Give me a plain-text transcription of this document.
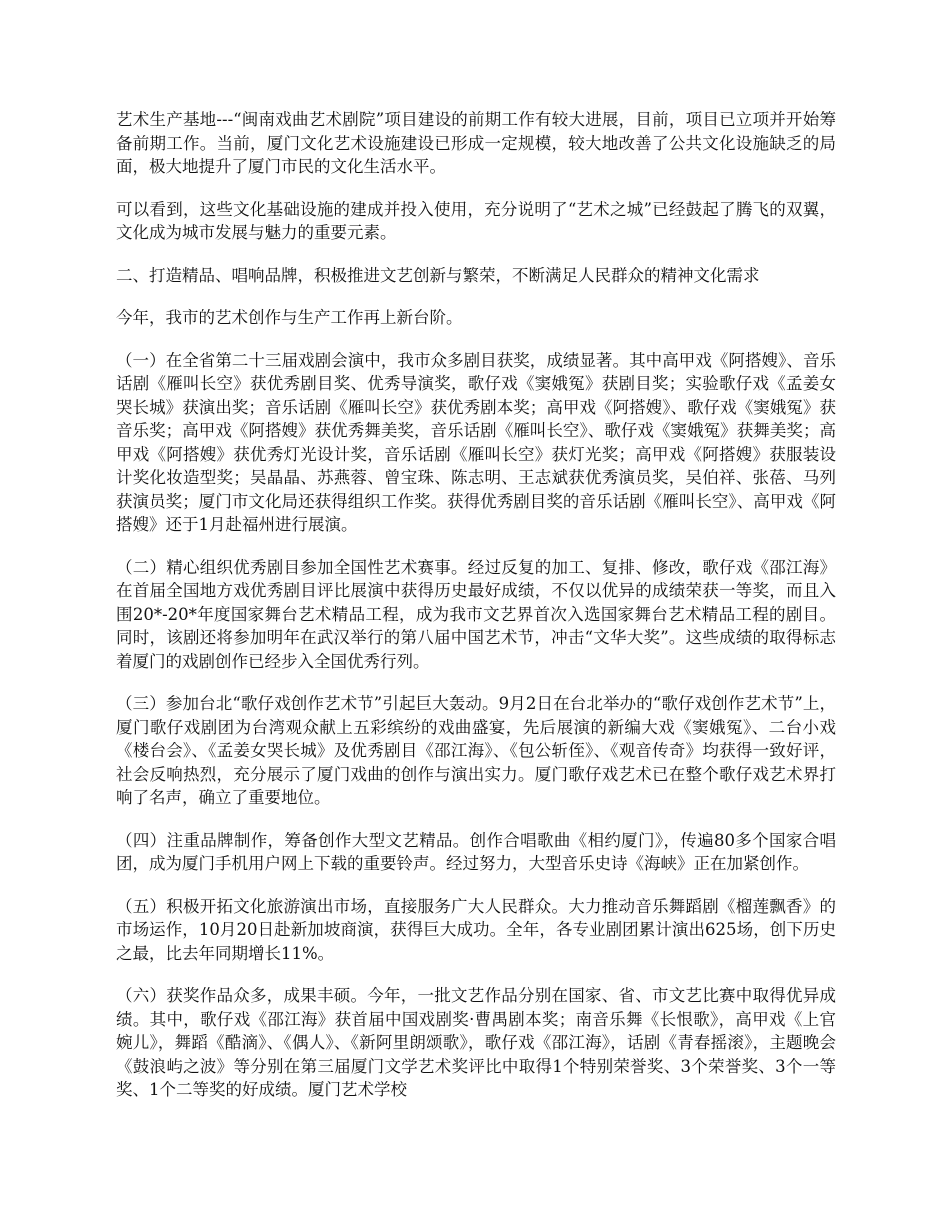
艺术生产基地---“闽南戏曲艺术剧院”项目建设的前期工作有较大进展，目前，项目已立项并开始筹备前期工作。当前，厦门文化艺术设施建设已形成一定规模，较大地改善了公共文化设施缺乏的局面，极大地提升了厦门市民的文化生活水平。

可以看到，这些文化基础设施的建成并投入使用，充分说明了“艺术之城”已经鼓起了腾飞的双翼，文化成为城市发展与魅力的重要元素。

二、打造精品、唱响品牌，积极推进文艺创新与繁荣，不断满足人民群众的精神文化需求

今年，我市的艺术创作与生产工作再上新台阶。

（一）在全省第二十三届戏剧会演中，我市众多剧目获奖，成绩显著。其中高甲戏《阿搭嫂》、音乐话剧《雁叫长空》获优秀剧目奖、优秀导演奖，歌仔戏《窦娥冤》获剧目奖；实验歌仔戏《孟姜女哭长城》获演出奖；音乐话剧《雁叫长空》获优秀剧本奖；高甲戏《阿搭嫂》、歌仔戏《窦娥冤》获音乐奖；高甲戏《阿搭嫂》获优秀舞美奖，音乐话剧《雁叫长空》、歌仔戏《窦娥冤》获舞美奖；高甲戏《阿搭嫂》获优秀灯光设计奖，音乐话剧《雁叫长空》获灯光奖；高甲戏《阿搭嫂》获服装设计奖化妆造型奖；吴晶晶、苏燕蓉、曾宝珠、陈志明、王志斌获优秀演员奖，吴伯祥、张蓓、马列获演员奖；厦门市文化局还获得组织工作奖。获得优秀剧目奖的音乐话剧《雁叫长空》、高甲戏《阿搭嫂》还于1月赴福州进行展演。

（二）精心组织优秀剧目参加全国性艺术赛事。经过反复的加工、复排、修改，歌仔戏《邵江海》在首届全国地方戏优秀剧目评比展演中获得历史最好成绩，不仅以优异的成绩荣获一等奖，而且入围20*-20*年度国家舞台艺术精品工程，成为我市文艺界首次入选国家舞台艺术精品工程的剧目。同时，该剧还将参加明年在武汉举行的第八届中国艺术节，冲击“文华大奖”。这些成绩的取得标志着厦门的戏剧创作已经步入全国优秀行列。

（三）参加台北“歌仔戏创作艺术节”引起巨大轰动。9月2日在台北举办的“歌仔戏创作艺术节”上，厦门歌仔戏剧团为台湾观众献上五彩缤纷的戏曲盛宴，先后展演的新编大戏《窦娥冤》、二台小戏《楼台会》、《孟姜女哭长城》及优秀剧目《邵江海》、《包公斩侄》、《观音传奇》均获得一致好评，社会反响热烈，充分展示了厦门戏曲的创作与演出实力。厦门歌仔戏艺术已在整个歌仔戏艺术界打响了名声，确立了重要地位。

（四）注重品牌制作，筹备创作大型文艺精品。创作合唱歌曲《相约厦门》，传遍80多个国家合唱团，成为厦门手机用户网上下载的重要铃声。经过努力，大型音乐史诗《海峡》正在加紧创作。

（五）积极开拓文化旅游演出市场，直接服务广大人民群众。大力推动音乐舞蹈剧《榴莲飘香》的市场运作，10月20日赴新加坡商演，获得巨大成功。全年，各专业剧团累计演出625场，创下历史之最，比去年同期增长11%。

（六）获奖作品众多，成果丰硕。今年，一批文艺作品分别在国家、省、市文艺比赛中取得优异成绩。其中，歌仔戏《邵江海》获首届中国戏剧奖·曹禺剧本奖；南音乐舞《长恨歌》，高甲戏《上官婉儿》，舞蹈《酷滴》、《偶人》、《新阿里朗颂歌》，歌仔戏《邵江海》，话剧《青春摇滚》，主题晚会《鼓浪屿之波》等分别在第三届厦门文学艺术奖评比中取得1个特别荣誉奖、3个荣誉奖、3个一等奖、1个二等奖的好成绩。厦门艺术学校
